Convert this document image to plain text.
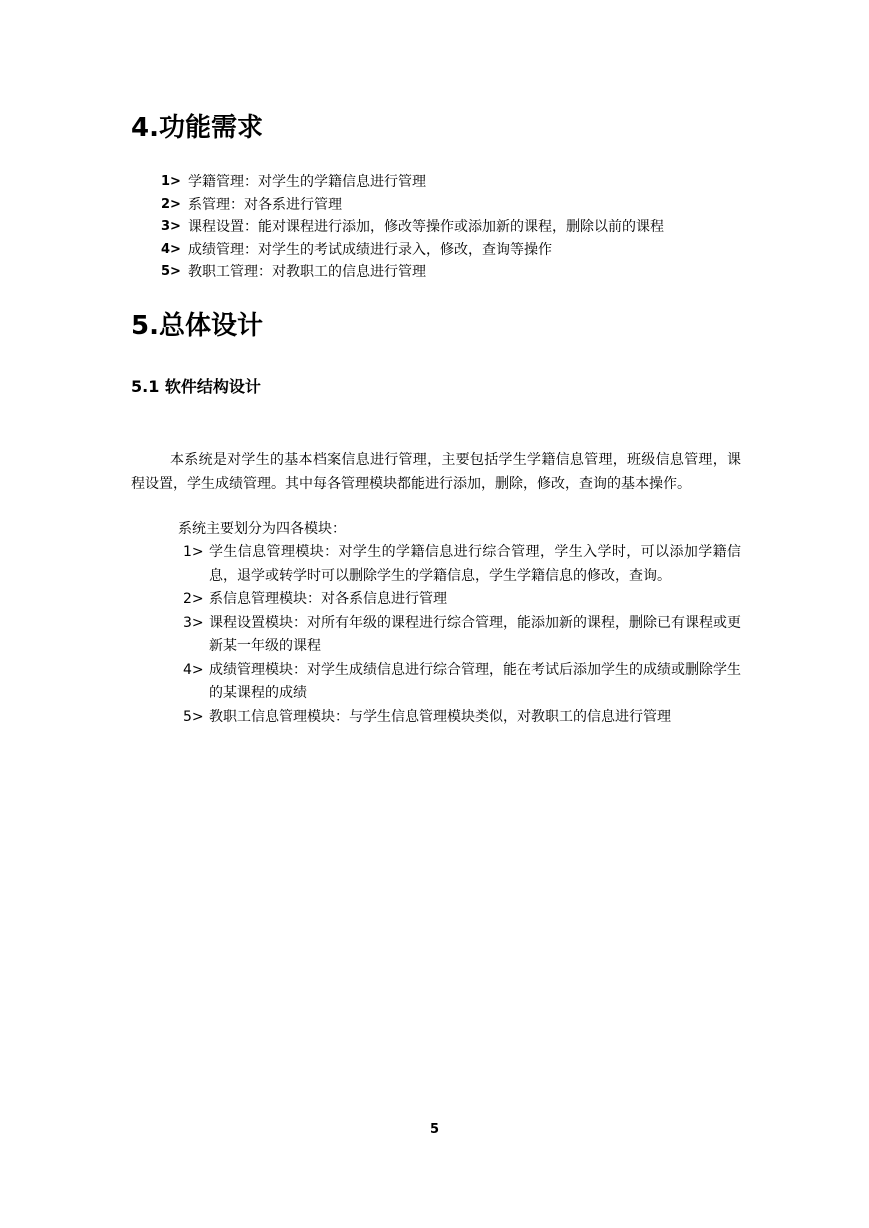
4.功能需求
1> 学籍管理：对学生的学籍信息进行管理
2> 系管理：对各系进行管理
3> 课程设置：能对课程进行添加，修改等操作或添加新的课程，删除以前的课程
4> 成绩管理：对学生的考试成绩进行录入，修改，查询等操作
5> 教职工管理：对教职工的信息进行管理
5.总体设计
5.1 软件结构设计

本系统是对学生的基本档案信息进行管理，主要包括学生学籍信息管理，班级信息管理，课程设置，学生成绩管理。其中每各管理模块都能进行添加，删除，修改，查询的基本操作。

系统主要划分为四各模块：

1> 学生信息管理模块：对学生的学籍信息进行综合管理，学生入学时，可以添加学籍信息，退学或转学时可以删除学生的学籍信息，学生学籍信息的修改，查询。
2> 系信息管理模块：对各系信息进行管理
3> 课程设置模块：对所有年级的课程进行综合管理，能添加新的课程，删除已有课程或更新某一年级的课程
4> 成绩管理模块：对学生成绩信息进行综合管理，能在考试后添加学生的成绩或删除学生的某课程的成绩
5> 教职工信息管理模块：与学生信息管理模块类似，对教职工的信息进行管理
5
